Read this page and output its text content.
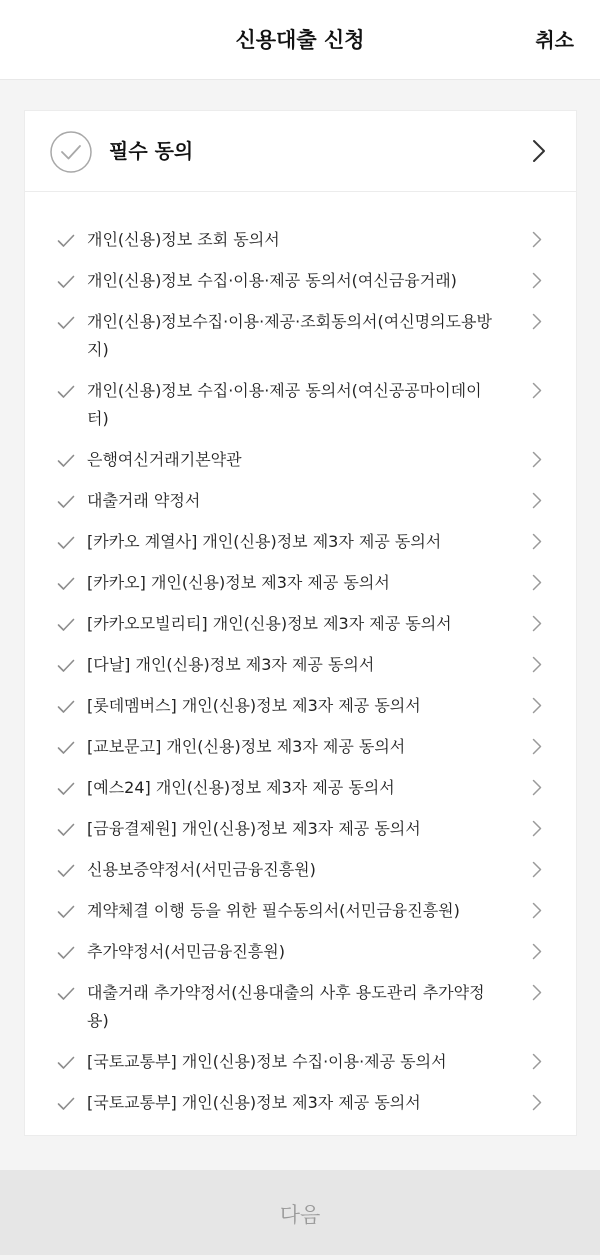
신용대출 신청	취소
필수 동의
개인(신용)정보 조회 동의서
개인(신용)정보 수집·이용·제공 동의서(여신금융거래)
개인(신용)정보수집·이용·제공·조회동의서(여신명의도용방지)
개인(신용)정보 수집·이용·제공 동의서(여신공공마이데이터)
은행여신거래기본약관
대출거래 약정서
[카카오 계열사] 개인(신용)정보 제3자 제공 동의서
[카카오] 개인(신용)정보 제3자 제공 동의서
[카카오모빌리티] 개인(신용)정보 제3자 제공 동의서
[다날] 개인(신용)정보 제3자 제공 동의서
[롯데멤버스] 개인(신용)정보 제3자 제공 동의서
[교보문고] 개인(신용)정보 제3자 제공 동의서
[예스24] 개인(신용)정보 제3자 제공 동의서
[금융결제원] 개인(신용)정보 제3자 제공 동의서
신용보증약정서(서민금융진흥원)
계약체결 이행 등을 위한 필수동의서(서민금융진흥원)
추가약정서(서민금융진흥원)
대출거래 추가약정서(신용대출의 사후 용도관리 추가약정용)
[국토교통부] 개인(신용)정보 수집·이용·제공 동의서
[국토교통부] 개인(신용)정보 제3자 제공 동의서
다음
